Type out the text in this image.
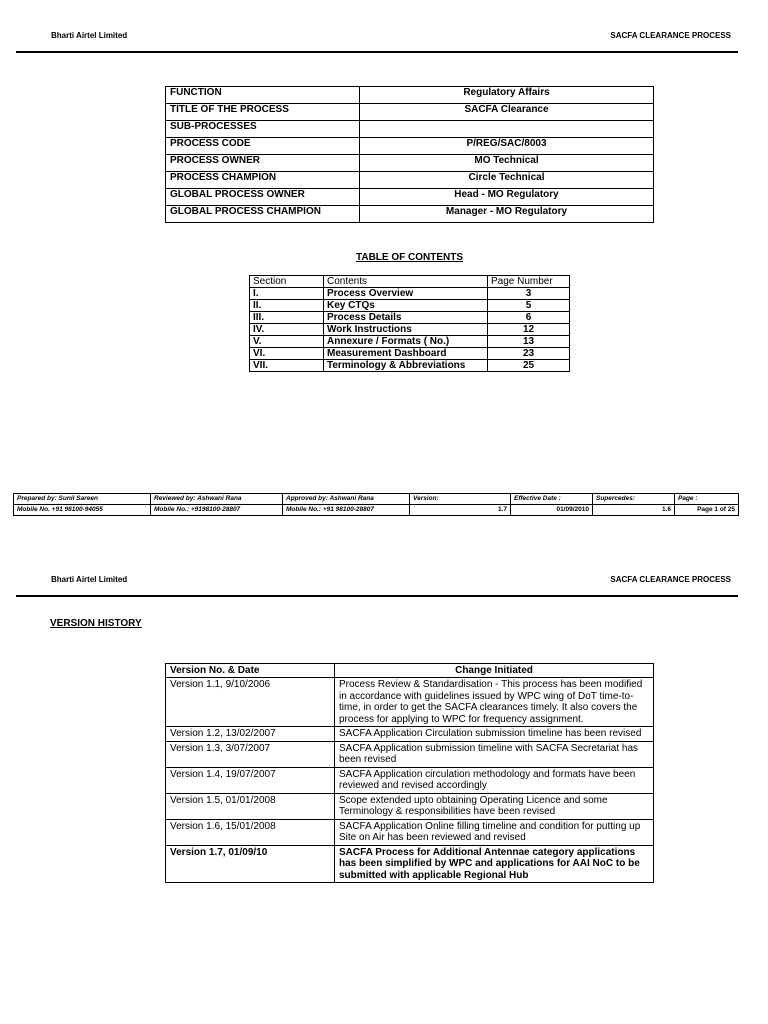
Bharti Airtel Limited	SACFA CLEARANCE PROCESS
FUNCTION	Regulatory Affairs
TITLE OF THE PROCESS	SACFA Clearance
SUB-PROCESSES	
PROCESS CODE	P/REG/SAC/8003
PROCESS OWNER	MO Technical
PROCESS CHAMPION	Circle Technical
GLOBAL PROCESS OWNER	Head - MO Regulatory
GLOBAL PROCESS CHAMPION	Manager - MO Regulatory
TABLE OF CONTENTS
Section	Contents	Page Number
I.	Process Overview	3
II.	Key CTQs	5
III.	Process Details	6
IV.	Work Instructions	12
V.	Annexure / Formats ( No.)	13
VI.	Measurement Dashboard	23
VII.	Terminology & Abbreviations	25
Prepared by: Sunil Sareen	Reviewed by: Ashwani Rana	Approved by: Ashwani Rana	Version:	Effective Date :	Supercedes:	Page :
Mobile No. +91 98100-94055	Mobile No.: +9198100-28807	Mobile No.: +91 98100-28807	1.7	01/09/2010	1.6	Page 1 of 25
Bharti Airtel Limited	SACFA CLEARANCE PROCESS
VERSION HISTORY
Version No. & Date	Change Initiated
Version 1.1, 9/10/2006	Process Review & Standardisation - This process has been modified in accordance with guidelines issued by WPC wing of DoT time-to-time, in order to get the SACFA clearances timely. It also covers the process for applying to WPC for frequency assignment.
Version 1.2, 13/02/2007	SACFA Application Circulation submission timeline has been revised
Version 1.3, 3/07/2007	SACFA Application submission timeline with SACFA Secretariat has been revised
Version 1.4, 19/07/2007	SACFA Application circulation methodology and formats have been reviewed and revised accordingly
Version 1.5, 01/01/2008	Scope extended upto obtaining Operating Licence and some Terminology & responsibilities have been revised
Version 1.6, 15/01/2008	SACFA Application Online filling timeline and condition for putting up Site on Air has been reviewed and revised
Version 1.7, 01/09/10	SACFA Process for Additional Antennae category applications has been simplified by WPC and applications for AAI NoC to be submitted with applicable Regional Hub
